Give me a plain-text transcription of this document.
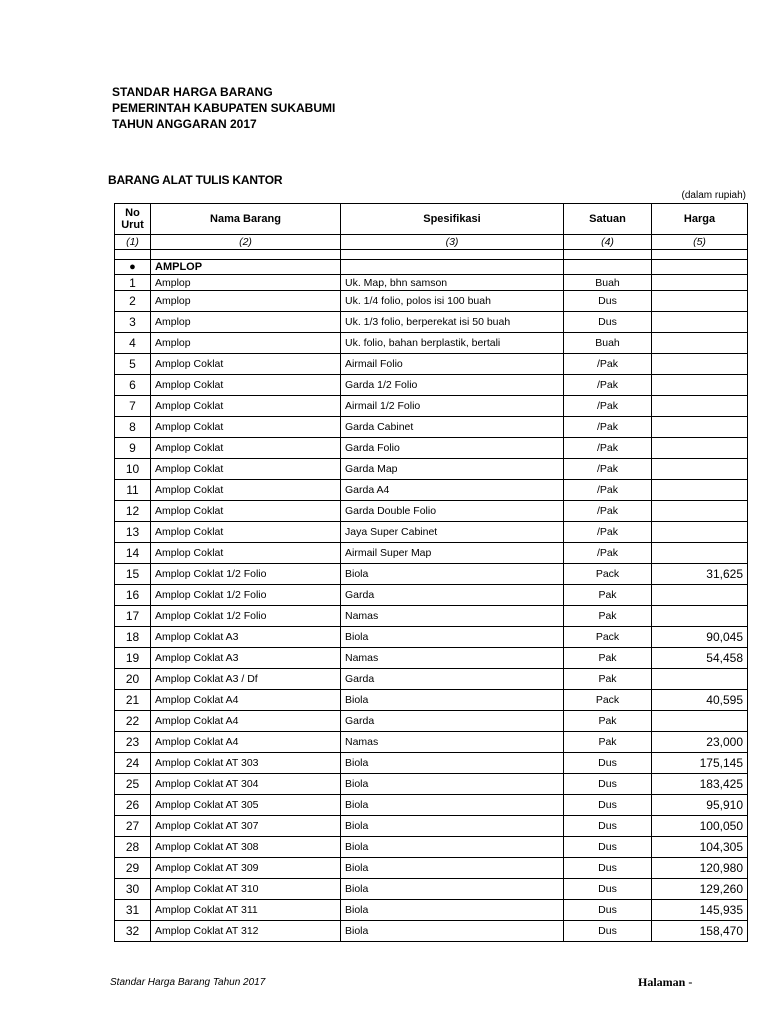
STANDAR HARGA BARANG
PEMERINTAH KABUPATEN SUKABUMI
TAHUN ANGGARAN 2017
BARANG ALAT TULIS KANTOR
(dalam rupiah)
No Urut	Nama Barang	Spesifikasi	Satuan	Harga
(1)	(2)	(3)	(4)	(5)

●	AMPLOP			
1	Amplop	Uk. Map, bhn samson	Buah	
2	Amplop	Uk. 1/4 folio, polos isi 100 buah	Dus	
3	Amplop	Uk. 1/3 folio, berperekat isi 50 buah	Dus	
4	Amplop	Uk. folio, bahan berplastik, bertali	Buah	
5	Amplop Coklat	Airmail Folio	/Pak	
6	Amplop Coklat	Garda 1/2 Folio	/Pak	
7	Amplop Coklat	Airmail 1/2 Folio	/Pak	
8	Amplop Coklat	Garda Cabinet	/Pak	
9	Amplop Coklat	Garda Folio	/Pak	
10	Amplop Coklat	Garda Map	/Pak	
11	Amplop Coklat	Garda A4	/Pak	
12	Amplop Coklat	Garda Double Folio	/Pak	
13	Amplop Coklat	Jaya Super Cabinet	/Pak	
14	Amplop Coklat	Airmail Super Map	/Pak	
15	Amplop Coklat 1/2 Folio	Biola	Pack	31,625
16	Amplop Coklat 1/2 Folio	Garda	Pak	
17	Amplop Coklat 1/2 Folio	Namas	Pak	
18	Amplop Coklat A3	Biola	Pack	90,045
19	Amplop Coklat A3	Namas	Pak	54,458
20	Amplop Coklat A3 / Df	Garda	Pak	
21	Amplop Coklat A4	Biola	Pack	40,595
22	Amplop Coklat A4	Garda	Pak	
23	Amplop Coklat A4	Namas	Pak	23,000
24	Amplop Coklat AT 303	Biola	Dus	175,145
25	Amplop Coklat AT 304	Biola	Dus	183,425
26	Amplop Coklat AT 305	Biola	Dus	95,910
27	Amplop Coklat AT 307	Biola	Dus	100,050
28	Amplop Coklat AT 308	Biola	Dus	104,305
29	Amplop Coklat AT 309	Biola	Dus	120,980
30	Amplop Coklat AT 310	Biola	Dus	129,260
31	Amplop Coklat AT 311	Biola	Dus	145,935
32	Amplop Coklat AT 312	Biola	Dus	158,470
Standar Harga Barang Tahun 2017	Halaman -
